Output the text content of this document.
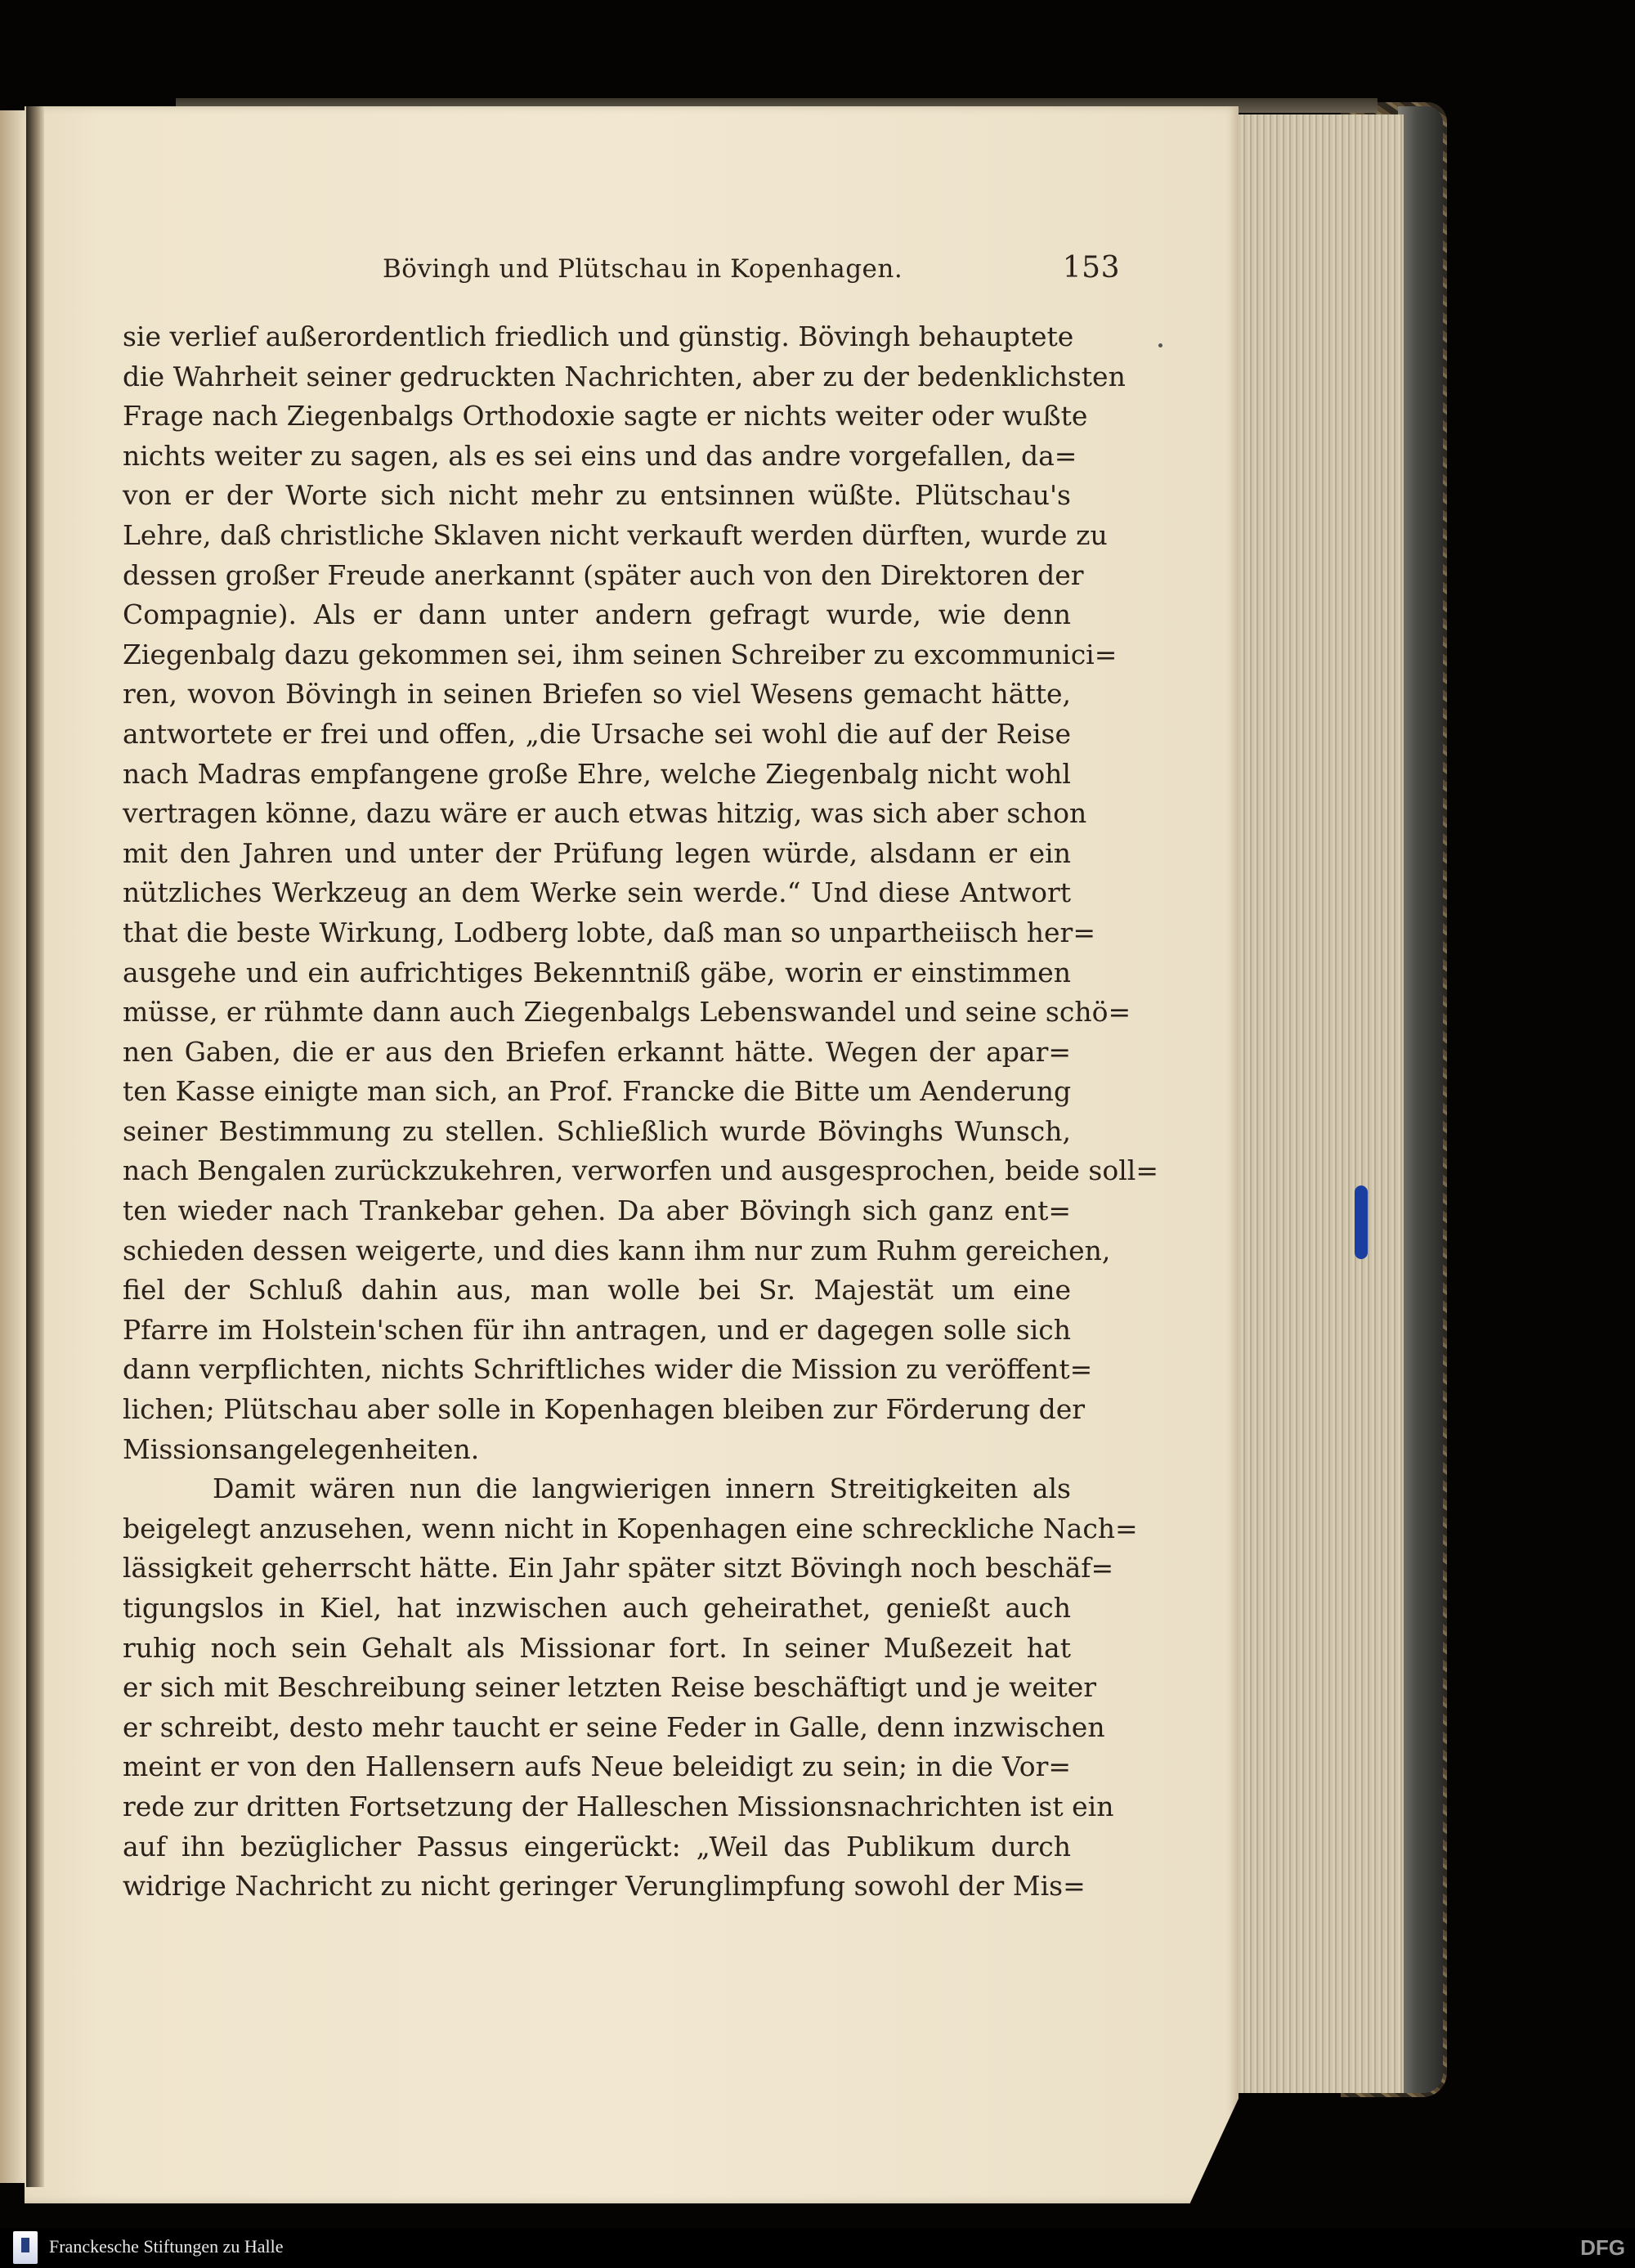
Bövingh und Plütschau in Kopenhagen.	153
sie verlief außerordentlich friedlich und günstig. Bövingh behauptete
die Wahrheit seiner gedruckten Nachrichten, aber zu der bedenklichsten
Frage nach Ziegenbalgs Orthodoxie sagte er nichts weiter oder wußte
nichts weiter zu sagen, als es sei eins und das andre vorgefallen, da=
von er der Worte sich nicht mehr zu entsinnen wüßte. Plütschau's
Lehre, daß christliche Sklaven nicht verkauft werden dürften, wurde zu
dessen großer Freude anerkannt (später auch von den Direktoren der
Compagnie). Als er dann unter andern gefragt wurde, wie denn
Ziegenbalg dazu gekommen sei, ihm seinen Schreiber zu excommunici=
ren, wovon Bövingh in seinen Briefen so viel Wesens gemacht hätte,
antwortete er frei und offen, „die Ursache sei wohl die auf der Reise
nach Madras empfangene große Ehre, welche Ziegenbalg nicht wohl
vertragen könne, dazu wäre er auch etwas hitzig, was sich aber schon
mit den Jahren und unter der Prüfung legen würde, alsdann er ein
nützliches Werkzeug an dem Werke sein werde.“ Und diese Antwort
that die beste Wirkung, Lodberg lobte, daß man so unpartheiisch her=
ausgehe und ein aufrichtiges Bekenntniß gäbe, worin er einstimmen
müsse, er rühmte dann auch Ziegenbalgs Lebenswandel und seine schö=
nen Gaben, die er aus den Briefen erkannt hätte. Wegen der apar=
ten Kasse einigte man sich, an Prof. Francke die Bitte um Aenderung
seiner Bestimmung zu stellen. Schließlich wurde Bövinghs Wunsch,
nach Bengalen zurückzukehren, verworfen und ausgesprochen, beide soll=
ten wieder nach Trankebar gehen. Da aber Bövingh sich ganz ent=
schieden dessen weigerte, und dies kann ihm nur zum Ruhm gereichen,
fiel der Schluß dahin aus, man wolle bei Sr. Majestät um eine
Pfarre im Holstein'schen für ihn antragen, und er dagegen solle sich
dann verpflichten, nichts Schriftliches wider die Mission zu veröffent=
lichen; Plütschau aber solle in Kopenhagen bleiben zur Förderung der
Missionsangelegenheiten.
Damit wären nun die langwierigen innern Streitigkeiten als
beigelegt anzusehen, wenn nicht in Kopenhagen eine schreckliche Nach=
lässigkeit geherrscht hätte. Ein Jahr später sitzt Bövingh noch beschäf=
tigungslos in Kiel, hat inzwischen auch geheirathet, genießt auch
ruhig noch sein Gehalt als Missionar fort. In seiner Mußezeit hat
er sich mit Beschreibung seiner letzten Reise beschäftigt und je weiter
er schreibt, desto mehr taucht er seine Feder in Galle, denn inzwischen
meint er von den Hallensern aufs Neue beleidigt zu sein; in die Vor=
rede zur dritten Fortsetzung der Halleschen Missionsnachrichten ist ein
auf ihn bezüglicher Passus eingerückt: „Weil das Publikum durch
widrige Nachricht zu nicht geringer Verunglimpfung sowohl der Mis=
Franckesche Stiftungen zu Halle	DFG
